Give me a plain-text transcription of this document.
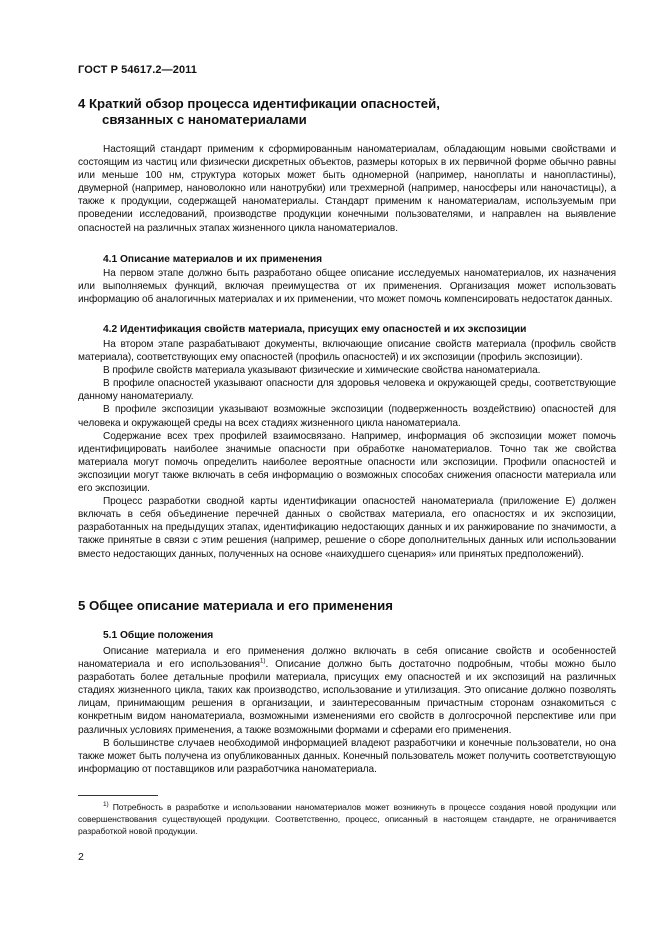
ГОСТ Р 54617.2—2011
4 Краткий обзор процесса идентификации опасностей,
связанных с наноматериалами

Настоящий стандарт применим к сформированным наноматериалам, обладающим новыми свойствами и состоящим из частиц или физически дискретных объектов, размеры которых в их первичной форме обычно равны или меньше 100 нм, структура которых может быть одномерной (например, наноплаты и нанопластины), двумерной (например, нановолокно или нанотрубки) или трехмерной (например, наносферы или наночастицы), а также к продукции, содержащей наноматериалы. Стандарт применим к наноматериалам, используемым при проведении исследований, производстве продукции конечными пользователями, и направлен на выявление опасностей на различных этапах жизненного цикла наноматериалов.

4.1 Описание материалов и их применения

На первом этапе должно быть разработано общее описание исследуемых наноматериалов, их назначения или выполняемых функций, включая преимущества от их применения. Организация может использовать информацию об аналогичных материалах и их применении, что может помочь компенсировать недостаток данных.

4.2 Идентификация свойств материала, присущих ему опасностей и их экспозиции

На втором этапе разрабатывают документы, включающие описание свойств материала (профиль свойств материала), соответствующих ему опасностей (профиль опасностей) и их экспозиции (профиль экспозиции).

В профиле свойств материала указывают физические и химические свойства наноматериала.

В профиле опасностей указывают опасности для здоровья человека и окружающей среды, соответствующие данному наноматериалу.

В профиле экспозиции указывают возможные экспозиции (подверженность воздействию) опасностей для человека и окружающей среды на всех стадиях жизненного цикла наноматериала.

Содержание всех трех профилей взаимосвязано. Например, информация об экспозиции может помочь идентифицировать наиболее значимые опасности при обработке наноматериалов. Точно так же свойства материала могут помочь определить наиболее вероятные опасности или экспозиции. Профили опасностей и экспозиции могут также включать в себя информацию о возможных способах снижения опасности материала или его экспозиции.

Процесс разработки сводной карты идентификации опасностей наноматериала (приложение Е) должен включать в себя объединение перечней данных о свойствах материала, его опасностях и их экспозиции, разработанных на предыдущих этапах, идентификацию недостающих данных и их ранжирование по значимости, а также принятые в связи с этим решения (например, решение о сборе дополнительных данных или использовании вместо недостающих данных, полученных на основе «наихудшего сценария» или принятых предположений).

5 Общее описание материала и его применения
5.1 Общие положения

Описание материала и его применения должно включать в себя описание свойств и особенностей наноматериала и его использования$^{1)}$. Описание должно быть достаточно подробным, чтобы можно было разработать более детальные профили материала, присущих ему опасностей и их экспозиций на различных стадиях жизненного цикла, таких как производство, использование и утилизация. Это описание должно позволять лицам, принимающим решения в организации, и заинтересованным причастным сторонам ознакомиться с конкретным видом наноматериала, возможными изменениями его свойств в долгосрочной перспективе или при различных условиях применения, а также возможными формами и сферами его применения.

В большинстве случаев необходимой информацией владеют разработчики и конечные пользователи, но она также может быть получена из опубликованных данных. Конечный пользователь может получить соответствующую информацию от поставщиков или разработчика наноматериала.

$^{1)}$ Потребность в разработке и использовании наноматериалов может возникнуть в процессе создания новой продукции или совершенствования существующей продукции. Соответственно, процесс, описанный в настоящем стандарте, не ограничивается разработкой новой продукции.
2
